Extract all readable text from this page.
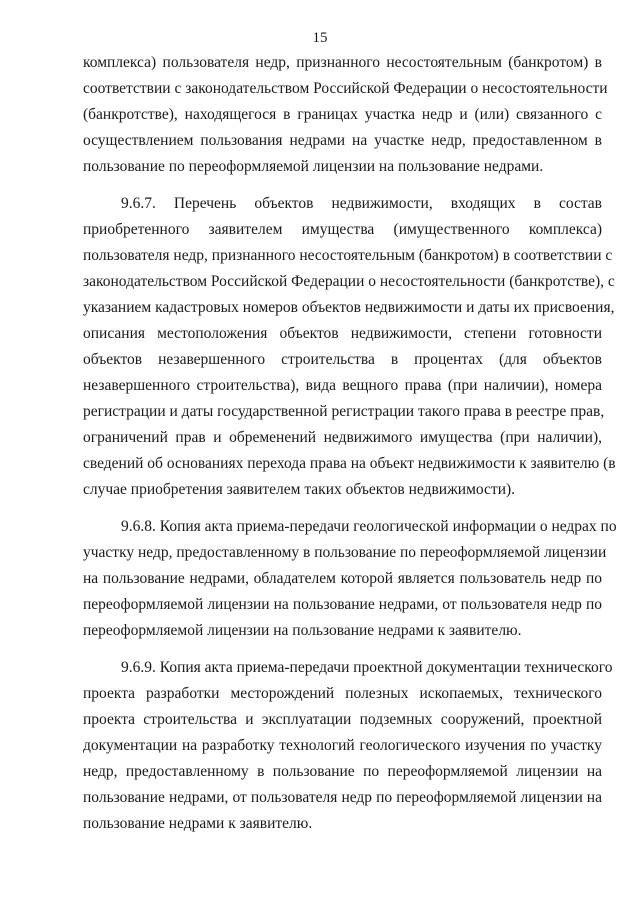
15
комплекса) пользователя недр, признанного несостоятельным (банкротом) в
соответствии с законодательством Российской Федерации о несостоятельности
(банкротстве), находящегося в границах участка недр и (или) связанного с
осуществлением пользования недрами на участке недр, предоставленном в
пользование по переоформляемой лицензии на пользование недрами.
9.6.7. Перечень объектов недвижимости, входящих в состав
приобретенного заявителем имущества (имущественного комплекса)
пользователя недр, признанного несостоятельным (банкротом) в соответствии с
законодательством Российской Федерации о несостоятельности (банкротстве), с
указанием кадастровых номеров объектов недвижимости и даты их присвоения,
описания местоположения объектов недвижимости, степени готовности
объектов незавершенного строительства в процентах (для объектов
незавершенного строительства), вида вещного права (при наличии), номера
регистрации и даты государственной регистрации такого права в реестре прав,
ограничений прав и обременений недвижимого имущества (при наличии),
сведений об основаниях перехода права на объект недвижимости к заявителю (в
случае приобретения заявителем таких объектов недвижимости).
9.6.8. Копия акта приема-передачи геологической информации о недрах по
участку недр, предоставленному в пользование по переоформляемой лицензии
на пользование недрами, обладателем которой является пользователь недр по
переоформляемой лицензии на пользование недрами, от пользователя недр по
переоформляемой лицензии на пользование недрами к заявителю.
9.6.9. Копия акта приема-передачи проектной документации технического
проекта разработки месторождений полезных ископаемых, технического
проекта строительства и эксплуатации подземных сооружений, проектной
документации на разработку технологий геологического изучения по участку
недр, предоставленному в пользование по переоформляемой лицензии на
пользование недрами, от пользователя недр по переоформляемой лицензии на
пользование недрами к заявителю.
